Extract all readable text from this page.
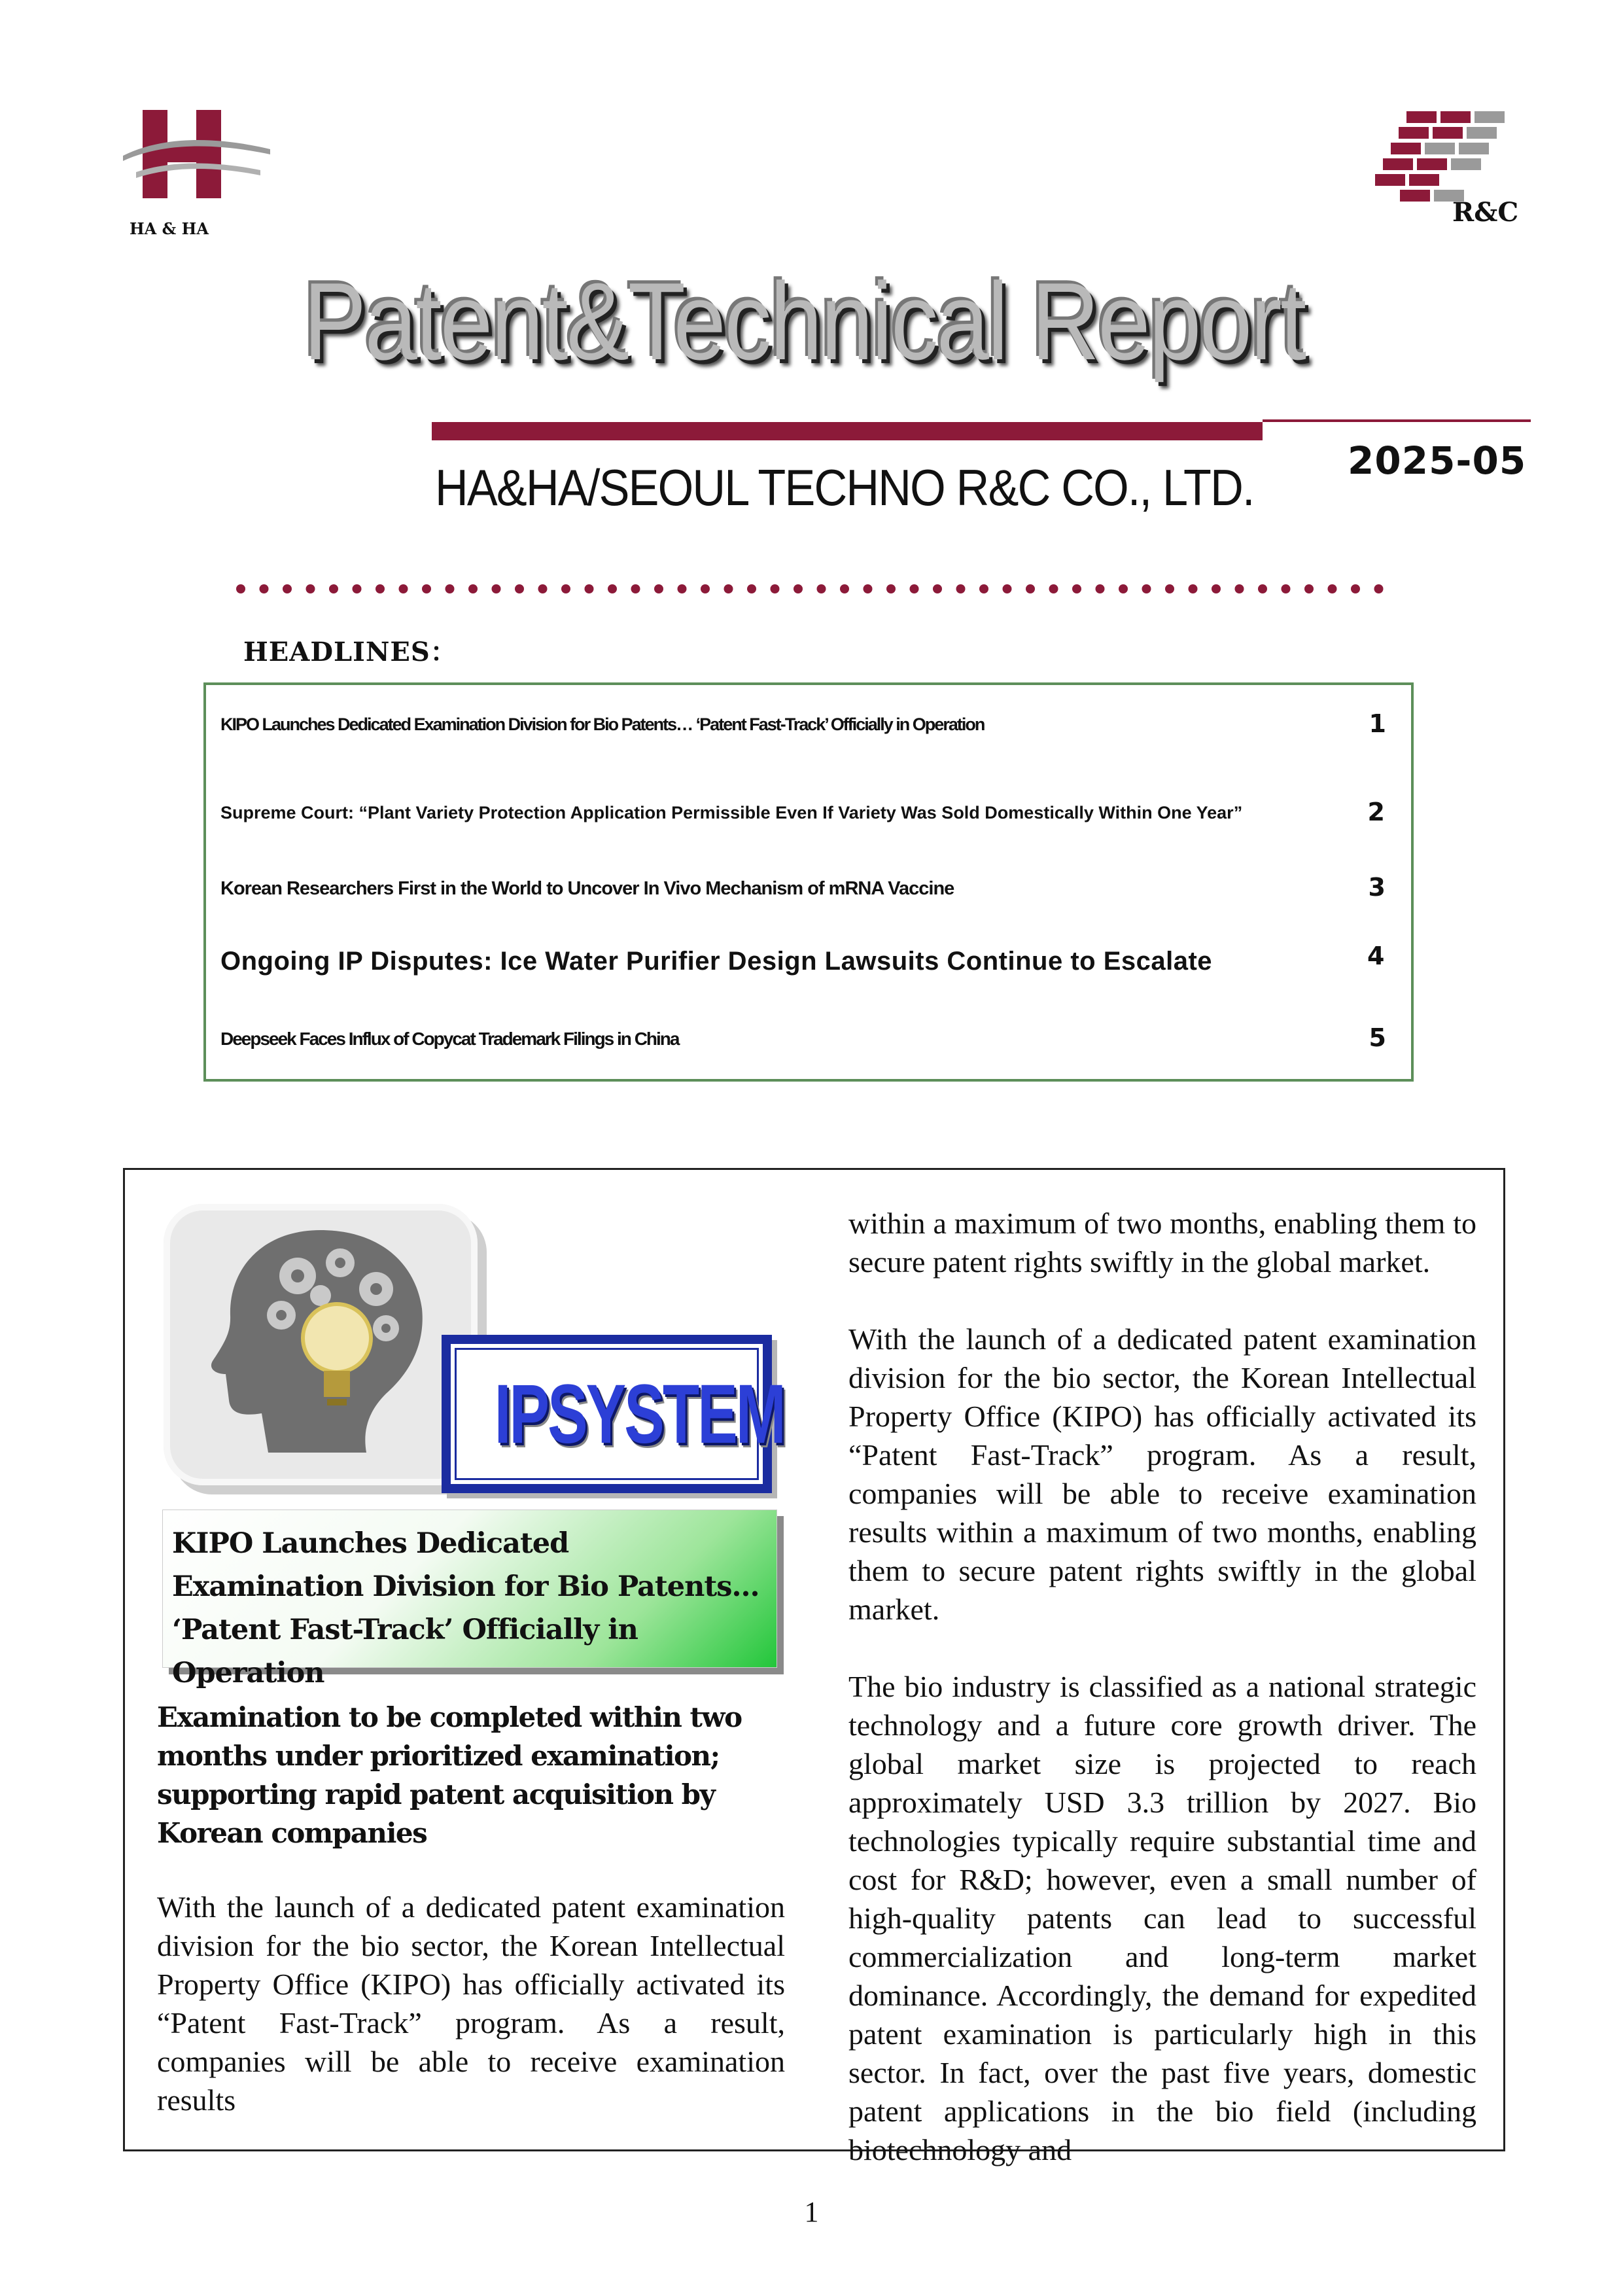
HA & HA
R&C
Patent&Technical Report
HA&HA/SEOUL TECHNO R&C CO., LTD. 2025-05
HEADLINES：
KIPO Launches Dedicated Examination Division for Bio Patents… ‘Patent Fast-Track’ Officially in Operation	1
Supreme Court: “Plant Variety Protection Application Permissible Even If Variety Was Sold Domestically Within One Year”	2
Korean Researchers First in the World to Uncover In Vivo Mechanism of mRNA Vaccine	3
Ongoing IP Disputes: Ice Water Purifier Design Lawsuits Continue to Escalate	4
Deepseek Faces Influx of Copycat Trademark Filings in China	5
IPSYSTEM
KIPO Launches Dedicated Examination Division for Bio Patents… ‘Patent Fast-Track’ Officially in Operation
Examination to be completed within two months under prioritized examination; supporting rapid patent acquisition by Korean companies

With the launch of a dedicated patent examination division for the bio sector, the Korean Intellectual Property Office (KIPO) has officially activated its “Patent Fast-Track” program. As a result, companies will be able to receive examination results

within a maximum of two months, enabling them to secure patent rights swiftly in the global market.

With the launch of a dedicated patent examination division for the bio sector, the Korean Intellectual Property Office (KIPO) has officially activated its “Patent Fast-Track” program. As a result, companies will be able to receive examination results within a maximum of two months, enabling them to secure patent rights swiftly in the global market.

The bio industry is classified as a national strategic technology and a future core growth driver. The global market size is projected to reach approximately USD 3.3 trillion by 2027. Bio technologies typically require substantial time and cost for R&D; however, even a small number of high-quality patents can lead to successful commercialization and long-term market dominance. Accordingly, the demand for expedited patent examination is particularly high in this sector. In fact, over the past five years, domestic patent applications in the bio field (including biotechnology and

1
